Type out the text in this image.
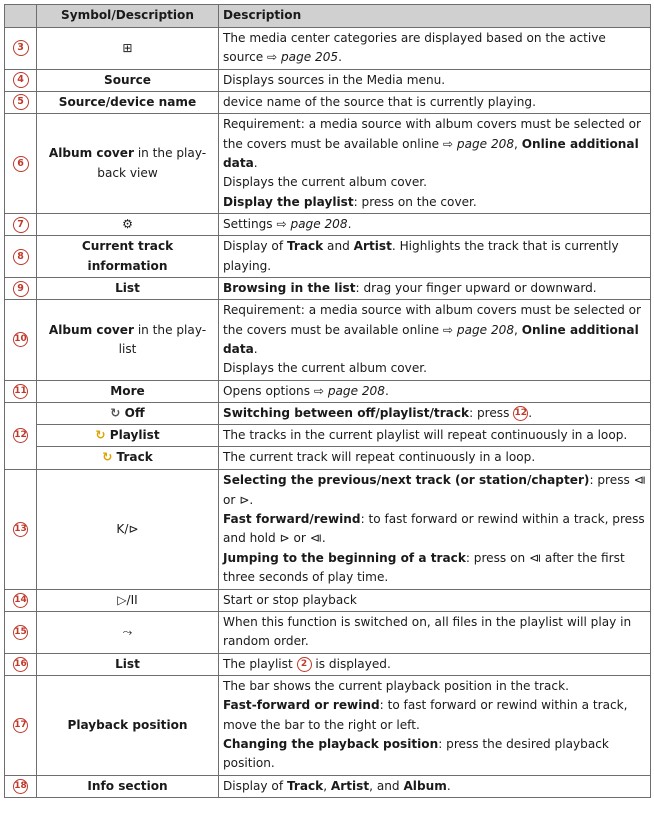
	Symbol/Description	Description
3	⊞	The media center categories are displayed based on the active source ⇨ page 205.
4	Source	Displays sources in the Media menu.
5	Source/device name	device name of the source that is currently playing.
6	Album cover in the play-back view	Requirement: a media source with album covers must be selected or the covers must be available online ⇨ page 208, Online additional data.
Displays the current album cover.
Display the playlist: press on the cover.

7	⚙	Settings ⇨ page 208.
8	Current track information	Display of Track and Artist. Highlights the track that is currently playing.
9	List	Browsing in the list: drag your finger upward or downward.
10	Album cover in the play-list	Requirement: a media source with album covers must be selected or the covers must be available online ⇨ page 208, Online additional data.
Displays the current album cover.

11	More	Opens options ⇨ page 208.
12	↻ Off	Switching between off/playlist/track: press 12.
	↻ Playlist	The tracks in the current playlist will repeat continuously in a loop.
	↻ Track	The current track will repeat continuously in a loop.
13	K/⊳	Selecting the previous/next track (or station/chapter): press ⧏ or ⊳.
Fast forward/rewind: to fast forward or rewind within a track, press and hold ⊳ or ⧏.
Jumping to the beginning of a track: press on ⧏ after the first three seconds of play time.

14	▷/II	Start or stop playback
15	⤳	When this function is switched on, all files in the playlist will play in random order.
16	List	The playlist 2 is displayed.
17	Playback position	The bar shows the current playback position in the track.
Fast-forward or rewind: to fast forward or rewind within a track, move the bar to the right or left.
Changing the playback position: press the desired playback position.

18	Info section	Display of Track, Artist, and Album.
